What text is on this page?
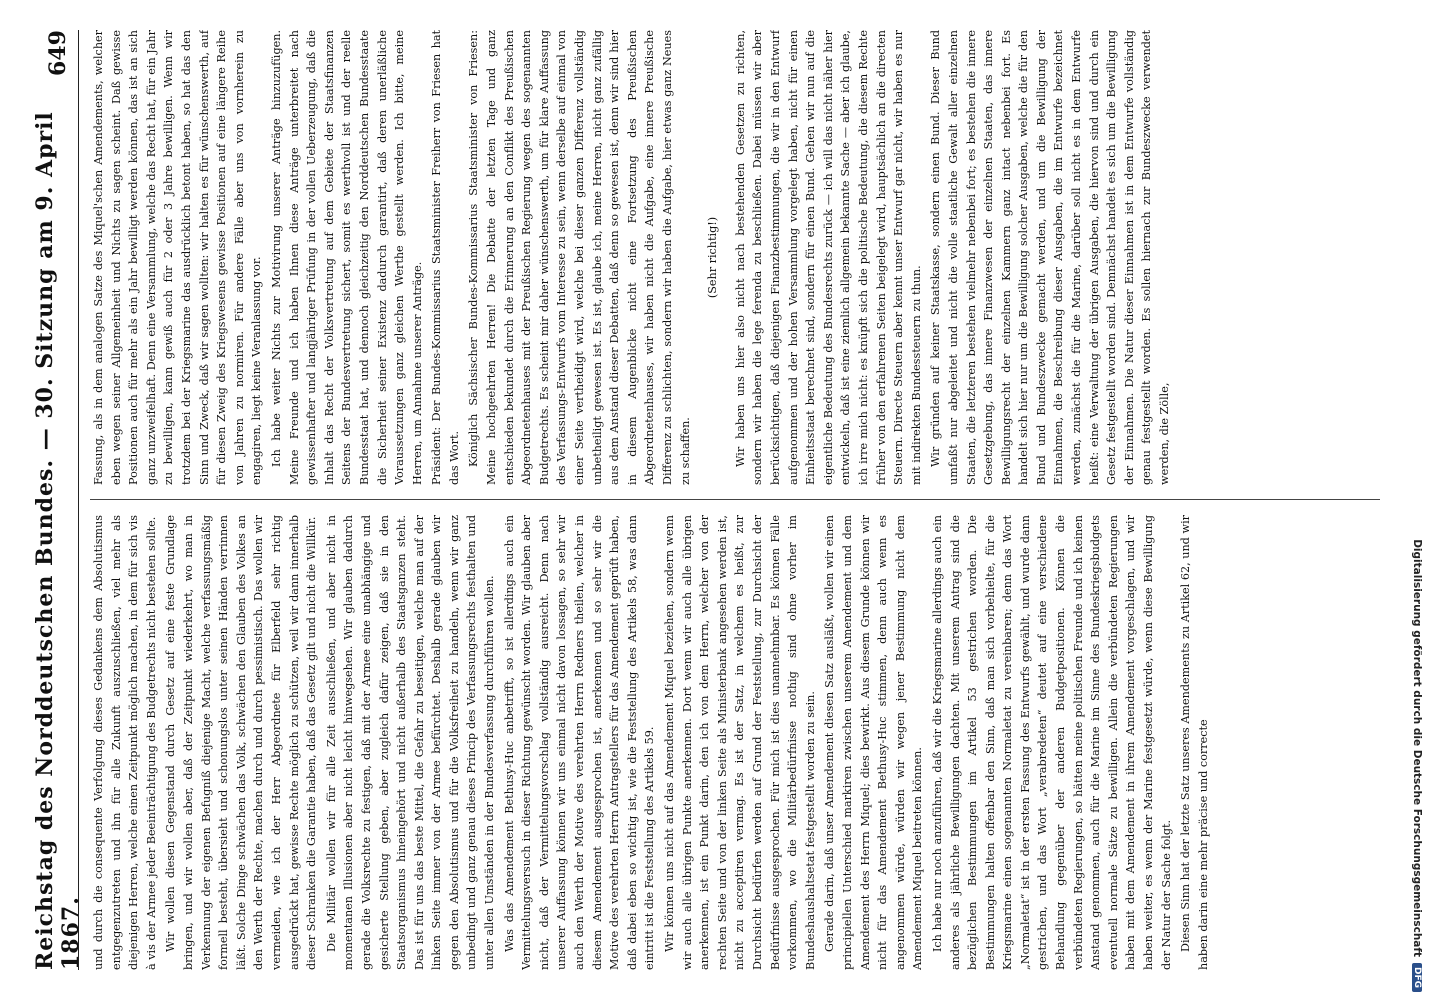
Reichstag des Norddeutschen Bundes. — 30. Sitzung am 9. April 1867.
649

und durch die consequente Verfolgung dieses Gedankens dem Absolutismus entgegenzutreten und ihn für alle Zukunft auszuschließen, viel mehr als diejenigen Herren, welche einen Zeitpunkt möglich machen, in dem für sich vis à vis der Armee jeder Beeinträchtigung des Budgetrechts nicht bestehen sollte. Wir wollen diesen Gegenstand durch Gesetz auf eine feste Grundlage bringen, und wir wollen aber, daß der Zeitpunkt wiederkehrt, wo man in Verkennung der eigenen Befugniß diejenige Macht, welche verfassungsmäßig formell besteht, übersieht und schonungslos unter seinen Händen verrinnen läßt. Solche Dinge schwächen das Volk, schwächen den Glauben des Volkes an den Werth der Rechte, machen durch und durch pessimistisch. Das wollen wir vermeiden, wie ich der Herr Abgeordnete für Elberfeld sehr richtig ausgedrückt hat, gewisse Rechte möglich zu schützen, weil wir dann innerhalb dieser Schranken die Garantie haben, daß das Gesetz gilt und nicht die Willkür. Die Militär wollen wir für alle Zeit ausschließen, und aber nicht in momentanen Illusionen aber nicht leicht hinwegsehen. Wir glauben dadurch gerade die Volksrechte zu festigen, daß mit der Armee eine unabhängige und gesicherte Stellung geben, aber zugleich dafür zeigen, daß sie in den Staatsorganismus hineingehört und nicht außerhalb des Staatsganzen steht. Das ist für uns das beste Mittel, die Gefahr zu beseitigen, welche man auf der linken Seite immer von der Armee befürchtet. Deshalb gerade glauben wir gegen den Absolutismus und für die Volksfreiheit zu handeln, wenn wir ganz unbedingt und ganz genau dieses Princip des Verfassungsrechts festhalten und unter allen Umständen in der Bundesverfassung durchführen wollen. Was das Amendement Bethusy-Huc anbetrifft, so ist allerdings auch ein Vermittelungsversuch in dieser Richtung gewünscht worden. Wir glauben aber nicht, daß der Vermittelungsvorschlag vollständig ausreicht. Denn nach unserer Auffassung können wir uns einmal nicht davon lossagen, so sehr wir auch den Werth der Motive des verehrten Herrn Redners theilen, welcher in diesem Amendement ausgesprochen ist, anerkennen und so sehr wir die Motive des verehrten Herrn Antragstellers für das Amendement geprüft haben, daß dabei eben so wichtig ist, wie die Feststellung des Artikels 58, was dann eintritt ist die Feststellung des Artikels 59. Wir können uns nicht auf das Amendement Miquel beziehen, sondern wenn wir auch alle übrigen Punkte anerkennen. Dort wenn wir auch alle übrigen anerkennen, ist ein Punkt darin, den ich von dem Herrn, welcher von der rechten Seite und von der linken Seite als Ministerbank angesehen werden ist, nicht zu acceptiren vermag. Es ist der Satz, in welchem es heißt, zur Durchsicht bedürfen werden auf Grund der Feststellung, zur Durchsicht der Bedürfnisse ausgesprochen. Für mich ist dies unannehmbar. Es können Fälle vorkommen, wo die Militärbedürfnisse nothig sind ohne vorher im Bundeshaushaltsetat festgestellt worden zu sein. Gerade darin, daß unser Amendement diesen Satz ausläßt, wollen wir einen principiellen Unterschied markiren zwischen unserem Amendement und dem Amendement des Herrn Miquel; dies bewirkt. Aus diesem Grunde können wir nicht für das Amendement Bethusy-Huc stimmen, denn auch wenn es angenommen würde, würden wir wegen jener Bestimmung nicht dem Amendement Miquel beitreten können. Ich habe nur noch anzuführen, daß wir die Kriegsmarine allerdings auch ein anderes als jährliche Bewilligungen dachten. Mit unserem Antrag sind die bezüglichen Bestimmungen im Artikel 53 gestrichen worden. Die Bestimmungen halten offenbar den Sinn, daß man sich vorbehielte, für die Kriegsmarine einen sogenannten Normaletat zu vereinbaren; denn das Wort „Normaletat“ ist in der ersten Fassung des Entwurfs gewählt, und wurde dann gestrichen, und das Wort „verabredeten“ deutet auf eine verschiedene Behandlung gegenüber der anderen Budgetpositionen. Können die verbündeten Regierungen, so hätten meine politischen Freunde und ich keinen Anstand genommen, auch für die Marine im Sinne des Bundeskriegsbudgets eventuell normale Sätze zu bewilligen. Allein die verbündeten Regierungen haben mit dem Amendement in ihrem Amendement vorgeschlagen, und wir haben weiter, es wenn der Marine festgesetzt würde, wenn diese Bewilligung der Natur der Sache folgt. Diesen Sinn hat der letzte Satz unseres Amendements zu Artikel 62, und wir haben darin eine mehr präcise und correcte

Fassung, als in dem analogen Satze des Miquel'schen Amendements, welcher eben wegen seiner Allgemeinheit und Nichts zu sagen scheint. Daß gewisse Positionen auch für mehr als ein Jahr bewilligt werden können, das ist an sich ganz unzweifelhaft. Denn eine Versammlung, welche das Recht hat, für ein Jahr zu bewilligen, kann gewiß auch für 2 oder 3 Jahre bewilligen. Wenn wir trotzdem bei der Kriegsmarine das ausdrücklich betont haben, so hat das den Sinn und Zweck, daß wir sagen wollten: wir halten es für wünschenswerth, auf für diesen Zweig des Kriegswesens gewisse Positionen auf eine längere Reihe von Jahren zu normiren. Für andere Fälle aber uns von vornherein zu engagiren, liegt keine Veranlassung vor. Ich habe weiter Nichts zur Motivirung unserer Anträge hinzuzufügen. Meine Freunde und ich haben Ihnen diese Anträge unterbreitet nach gewissenhafter und langjähriger Prüfung in der vollen Ueberzeugung, daß die Inhalt das Recht der Volksvertretung auf dem Gebiete der Staatsfinanzen Seitens der Bundesvertretung sichert, somit es werthvoll ist und der reelle Bundesstaat hat, und dennoch gleichzeitig den Norddeutschen Bundesstaate die Sicherheit seiner Existenz dadurch garantirt, daß deren unerläßliche Voraussetzungen ganz gleichen Werthe gestellt werden. Ich bitte, meine Herren, um Annahme unserer Anträge. Präsident: Der Bundes-Kommissarius Staatsminister Freiherr von Friesen hat das Wort. Königlich Sächsischer Bundes-Kommissarius Staatsminister von Friesen: Meine hochgeehrten Herren! Die Debatte der letzten Tage und ganz entschieden bekundet durch die Erinnerung an den Conflikt des Preußischen Abgeordnetenhauses mit der Preußischen Regierung wegen des sogenannten Budgetrechts. Es scheint mir daher wünschenswerth, um für klare Auffassung des Verfassungs-Entwurfs vom Interesse zu sein, wenn derselbe auf einmal von einer Seite vertheidigt wird, welche bei dieser ganzen Differenz vollständig unbetheiligt gewesen ist. Es ist, glaube ich, meine Herren, nicht ganz zufällig aus dem Anstand dieser Debatten, daß denn so gewesen ist, denn wir sind hier in diesem Augenblicke nicht eine Fortsetzung des Preußischen Abgeordnetenhauses, wir haben nicht die Aufgabe, eine innere Preußische Differenz zu schlichten, sondern wir haben die Aufgabe, hier etwas ganz Neues zu schaffen.

(Sehr richtig!) Wir haben uns hier also nicht nach bestehenden Gesetzen zu richten, sondern wir haben die lege ferenda zu beschließen. Dabei müssen wir aber berücksichtigen, daß diejenigen Finanzbestimmungen, die wir in den Entwurf aufgenommen und der hohen Versammlung vorgelegt haben, nicht für einen Einheitsstaat berechnet sind, sondern für einen Bund. Gehen wir nun auf die eigentliche Bedeutung des Bundesrechts zurück — ich will das nicht näher hier entwickeln, daß ist eine ziemlich allgemein bekannte Sache — aber ich glaube, ich irre mich nicht: es knüpft sich die politische Bedeutung, die diesem Rechte früher von den erfahrenen Seiten beigelegt wird, hauptsächlich an die directen Steuern. Directe Steuern aber kennt unser Entwurf gar nicht, wir haben es nur mit indirekten Bundessteuern zu thun. Wir gründen auf keiner Staatskasse, sondern einen Bund. Dieser Bund umfaßt nur abgeleitet und nicht die volle staatliche Gewalt aller einzelnen Staaten, die letzteren bestehen vielmehr nebenbei fort; es bestehen die innere Gesetzgebung, das innere Finanzwesen der einzelnen Staaten, das innere Bewilligungsrecht der einzelnen Kammern ganz intact nebenbei fort. Es handelt sich hier nur um die Bewilligung solcher Ausgaben, welche die für den Bund und Bundeszwecke gemacht werden, und um die Bewilligung der Einnahmen, die Beschreibung dieser Ausgaben, die im Entwurfe bezeichnet werden, zunächst die für die Marine, darüber soll nicht es in dem Entwurfe heißt: eine Verwaltung der übrigen Ausgaben, die hiervon sind und durch ein Gesetz festgestellt worden sind. Demnächst handelt es sich um die Bewilligung der Einnahmen. Die Natur dieser Einnahmen ist in dem Entwurfe vollständig genau festgestellt worden. Es sollen hiernach zur Bundeszwecke verwendet werden, die Zölle,

Digitalisierung gefördert durch die Deutsche Forschungsgemeinschaft
DFG
